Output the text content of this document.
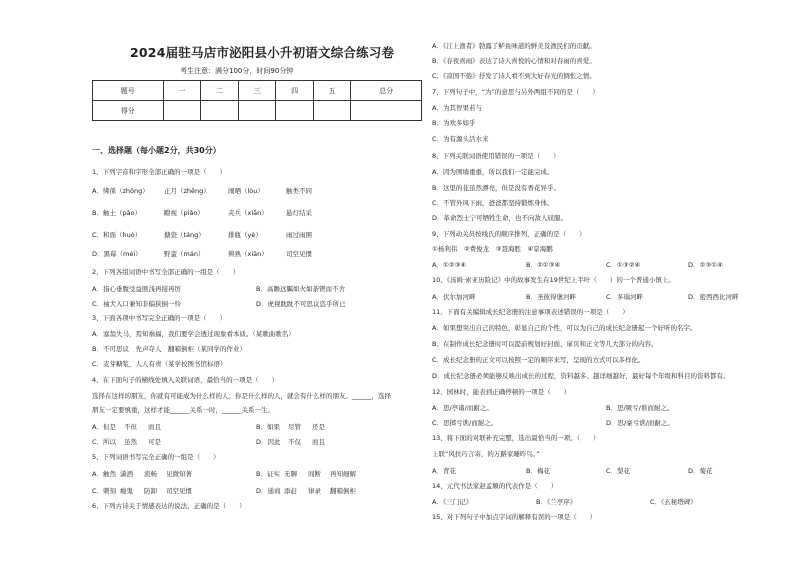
2024届驻马店市泌阳县小升初语文综合练习卷
考生注意：满分100分，时间90分钟
题号	一	二	三	四	五	总分
得分						
一、选择题（每小题2分，共30分）
1、下列字音和字形全部正确的一项是（　　）
A．绑係（zhōng） 正月（zhēng）	闹晒（lòu）	触类不同
B．触土（pǎo）	瞭视（piǎo）	夹兵（xiān）	悬灯结采
C．和面（huò）	搪瓷（táng）	排瓶（yè）	雨过雨围
D．黑莓（méi）	野蛮（mán）	辨熟（xiān）	司空见惯
2、下列各组词语中书写全部正确的一组是（　　）
A．指心垂腹受益匪浅再接再厉	B．高瞻远瞩如火如荼锲而不舍
C．袖犬入口兼知非偏狭倒一怜	D．虎视眈眈不可思议恣乎所已
3、下面各项中书写完全正确的一项是（　　）
A．塞翁失马，焉知祸福，我们要学会透过现象看本质。（某歌曲歌名）
B．不可思议　先声夺人　翻箱倒柜（某同学的作业）
C．麦芽糖浆，人人有责（某学校图书馆标语）
4、在下面句子的横线处填入关联词语，最恰当的一项是（　　）
选择在这样的朋友，你就有可能成为什么样的人；你是什么样的人，就会有什么样的朋友。______，选择
朋友一定要慎重，这样才能______关系一时，______关系一生。
A．但是 不但 而且	B．如果 尽管 还是
C．所以 虽然 可是	D．因此 不仅 而且
5、下列词语书写完全正确的一组是（　　）
A．触然 潇洒 流畅 见微知著	B．证实 无聊 间断 再知细解
C．刺刻 瘾鬼 防卸 司空见惯	D．通商 添赶 律录 翻箱倒柜
6、下列古诗关于情感表达的说法，正确的是（　　）
A．《江上渔者》勃露了鲈鱼味道的鲜美及渔民们的贡献。
B．《春夜喜雨》表达了诗人喜悦的心情和对春雨的喜爱。
C．《凉国不倦》抒发了诗人看不到大好春光的惆怅之情。
7、下列句子中，“为”的意思与另外两组不同的是（　　）
A．为其智果若与
B．为欢多如乎
C．为有源头活水来
8、下列关联词语使用错误的一项是（　　）
A．因为围墙重重，所以我们一定能完成。
B．这里的花虽然漂亮，但是没有香花异乎。
C．不管外风下雨，爸爸都坚持锻炼身体。
D．革命烈士宁可牺牲生命，也不向敌人屈服。
9、下列动关员按线氏的顺序排列，正确的是（　　）
①杨利伟　②费俊龙　③聂海胜　④景海鹏
A．①②③④	B．②①③④	C．①③②④	D．②③①④
10、《汤姆·索亚历险记》中的故事发生在19世纪上半叶（　　）的一个普通小镇上。
A．伏尔加河畔	B．圣彼得堡河畔	C．多瑙河畔	D．密西西比河畔
11、下面有关编辑成长纪念册的注意事项表述错误的一项是（　　）
A．如果想突出自己的特色，彰显自己的个性，可以为自己的成长纪念册起一个好听的名字。
B．在制作成长纪念册时可以提前规划好封面、扉页和正文等几大部分的内容。
C．成长纪念册的正文可以按照一定的顺序来写，呈现的方式可以多样化。
D．成长纪念册必须能够反映出成长的过程，资料越多、越详细越好，最好每个年级和科目的资料都有。
12、园林时，能表到正确停顿的一项是（　　）
A．思/亭诸/而耐之。	B．思/厥亏/谯而耐之。
C．思掷亏谯/而耐之。	D．思/豪亏谯/而耐之。
13、将下面的对联补充完整，选出最恰当的一项。（　　）
上联“风扶巧言寄，的万路家睡昨鸟。”
A．背花	B．梅花	C．梨花	D．菊花
14、元代书法家赵孟頫的代表作是（　　）
A．《三门记》	B．《兰亭序》	C．《玄秘塔碑》
15、对下列句子中加点字词的解释有误的一项是（　　）
